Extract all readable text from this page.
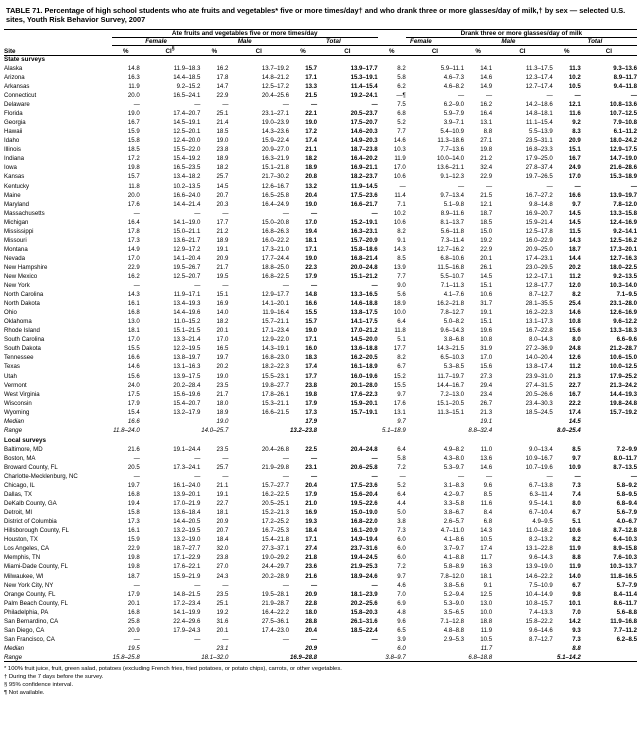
TABLE 71. Percentage of high school students who ate fruits and vegetables* five or more times/day† and who drank three or more glasses/day of milk,† by sex — selected U.S. sites, Youth Risk Behavior Survey, 2007
	Ate fruits and vegetables five or more times/day							Drank three or more glasses/day of milk				
	Female		Male		Total		Female		Male		Total	
Site	%	CI§	%	CI	%	CI	%	CI	%	CI	%	CI
State surveys												
Alaska	14.8	11.9–18.3	16.2	13.7–19.2	15.7	13.9–17.7	8.2	5.9–11.1	14.1	11.3–17.5	11.3	9.3–13.6
Arizona	16.3	14.4–18.5	17.8	14.8–21.2	17.1	15.3–19.1	5.8	4.6–7.3	14.6	12.3–17.4	10.2	8.9–11.7
Arkansas	11.9	9.2–15.2	14.7	12.5–17.2	13.3	11.4–15.4	6.2	4.6–8.2	14.9	12.7–17.4	10.5	9.4–11.8
Connecticut	20.0	16.5–24.1	22.9	20.4–25.6	21.5	19.2–24.1	—¶	—	—	—	—	—
Delaware	—	—	—	—	—	—	7.5	6.2–9.0	16.2	14.2–18.6	12.1	10.8–13.6
Florida	19.0	17.4–20.7	25.1	23.1–27.1	22.1	20.5–23.7	6.8	5.9–7.9	16.4	14.8–18.1	11.6	10.7–12.5
Georgia	16.7	14.5–19.1	21.4	19.0–23.9	19.0	17.5–20.7	5.2	3.9–7.1	13.1	11.1–15.4	9.2	7.9–10.8
Hawaii	15.9	12.5–20.1	18.5	14.3–23.6	17.2	14.6–20.3	7.7	5.4–10.9	8.8	5.5–13.9	8.3	6.1–11.2
Idaho	15.8	12.4–20.0	19.0	15.9–22.4	17.4	14.9–20.3	14.6	11.3–18.6	27.1	23.5–31.1	20.9	18.0–24.2
Illinois	18.5	15.5–22.0	23.8	20.9–27.0	21.1	18.7–23.8	10.3	7.7–13.6	19.8	16.8–23.3	15.1	12.9–17.5
Indiana	17.2	15.4–19.2	18.9	16.3–21.9	18.2	16.4–20.2	11.9	10.0–14.0	21.2	17.9–25.0	16.7	14.7–19.0
Iowa	19.8	16.5–23.5	18.2	15.1–21.8	18.9	16.9–21.1	17.0	13.6–21.1	32.4	27.8–37.4	24.9	21.6–28.6
Kansas	15.7	13.4–18.2	25.7	21.7–30.2	20.8	18.2–23.7	10.6	9.1–12.3	22.9	19.7–26.5	17.0	15.3–18.9
Kentucky	11.8	10.2–13.5	14.5	12.6–16.7	13.2	11.9–14.5	—	—	—	—	—	—
Maine	20.0	16.6–24.0	20.7	16.5–25.8	20.4	17.5–23.6	11.4	9.7–13.4	21.5	16.7–27.2	16.6	13.9–19.7
Maryland	17.6	14.4–21.4	20.3	16.4–24.9	19.0	16.6–21.7	7.1	5.1–9.8	12.1	9.8–14.8	9.7	7.8–12.0
Massachusetts	—	—	—	—	—	—	10.2	8.9–11.6	18.7	16.9–20.7	14.5	13.3–15.8
Michigan	16.4	14.1–19.0	17.7	15.0–20.8	17.0	15.2–19.1	10.6	8.1–13.7	18.5	15.9–21.4	14.5	12.4–16.9
Mississippi	17.8	15.0–21.1	21.2	16.8–26.3	19.4	16.3–23.1	8.2	5.6–11.8	15.0	12.5–17.8	11.5	9.2–14.1
Missouri	17.3	13.6–21.7	18.9	16.0–22.2	18.1	15.7–20.9	9.1	7.3–11.4	19.2	16.0–22.9	14.3	12.5–16.2
Montana	14.9	12.9–17.2	19.1	17.3–21.0	17.1	15.8–18.6	14.3	12.7–16.2	22.9	20.9–25.0	18.7	17.3–20.1
Nevada	17.0	14.1–20.4	20.9	17.7–24.4	19.0	16.8–21.4	8.5	6.8–10.6	20.1	17.4–23.1	14.4	12.7–16.3
New Hampshire	22.9	19.5–26.7	21.7	18.8–25.0	22.3	20.0–24.8	13.9	11.5–16.8	26.1	23.0–29.5	20.2	18.0–22.5
New Mexico	16.2	12.5–20.7	19.5	16.8–22.5	17.9	15.1–21.2	7.7	5.5–10.7	14.5	12.2–17.1	11.2	9.2–13.5
New York	—	—	—	—	—	—	9.0	7.1–11.3	15.1	12.8–17.7	12.0	10.3–14.0
North Carolina	14.3	11.9–17.1	15.1	12.9–17.7	14.8	13.3–16.5	5.6	4.1–7.6	10.6	8.7–12.7	8.2	7.1–9.5
North Dakota	16.1	13.4–19.3	16.9	14.1–20.1	16.6	14.6–18.8	18.9	16.2–21.8	31.7	28.1–35.5	25.4	23.1–28.0
Ohio	16.8	14.4–19.6	14.0	11.9–16.4	15.5	13.8–17.5	10.0	7.8–12.7	19.1	16.2–22.3	14.6	12.6–16.9
Oklahoma	13.0	11.0–15.2	18.2	15.7–21.1	15.7	14.1–17.5	6.4	5.0–8.2	15.1	13.1–17.3	10.8	9.6–12.2
Rhode Island	18.1	15.1–21.5	20.1	17.1–23.4	19.0	17.0–21.2	11.8	9.6–14.3	19.6	16.7–22.8	15.6	13.3–18.3
South Carolina	17.0	13.3–21.4	17.0	12.9–22.0	17.1	14.5–20.0	5.1	3.8–6.8	10.8	8.0–14.3	8.0	6.6–9.6
South Dakota	15.5	12.2–19.5	16.5	14.3–19.1	16.0	13.6–18.8	17.7	14.3–21.5	31.9	27.2–36.9	24.8	21.2–28.7
Tennessee	16.6	13.8–19.7	19.7	16.8–23.0	18.3	16.2–20.5	8.2	6.5–10.3	17.0	14.0–20.4	12.6	10.6–15.0
Texas	14.6	13.1–16.3	20.2	18.2–22.3	17.4	16.1–18.9	6.7	5.3–8.5	15.6	13.8–17.4	11.2	10.0–12.5
Utah	15.6	13.9–17.5	19.0	15.5–23.1	17.7	16.0–19.6	15.2	11.7–19.7	27.3	23.9–31.0	21.3	17.9–25.2
Vermont	24.0	20.2–28.4	23.5	19.8–27.7	23.8	20.1–28.0	15.5	14.4–16.7	29.4	27.4–31.5	22.7	21.3–24.2
West Virginia	17.5	15.6–19.6	21.7	17.8–26.1	19.8	17.6–22.3	9.7	7.2–13.0	23.4	20.5–26.6	16.7	14.4–19.3
Wisconsin	17.9	15.4–20.7	18.0	15.3–21.1	17.9	15.9–20.1	17.6	15.1–20.5	26.7	23.4–30.3	22.2	19.8–24.8
Wyoming	15.4	13.2–17.9	18.9	16.6–21.5	17.3	15.7–19.1	13.1	11.3–15.1	21.3	18.5–24.5	17.4	15.7–19.2
Median	16.6		19.0		17.9		9.7		19.1		14.5	
Range	11.8–24.0		14.0–25.7		13.2–23.8		5.1–18.9		8.8–32.4		8.0–25.4	

Local surveys												
Baltimore, MD	21.6	19.1–24.4	23.5	20.4–26.8	22.5	20.4–24.8	6.4	4.9–8.2	11.0	9.0–13.4	8.5	7.2–9.9
Boston, MA	—	—	—	—	—	—	5.8	4.3–8.0	13.6	10.9–16.7	9.7	8.0–11.7
Broward County, FL	20.5	17.3–24.1	25.7	21.9–29.8	23.1	20.6–25.8	7.2	5.3–9.7	14.6	10.7–19.6	10.9	8.7–13.5
Charlotte-Mecklenburg, NC	—	—	—	—	—	—	—	—	—	—	—	—
Chicago, IL	19.7	16.1–24.0	21.1	15.7–27.7	20.4	17.5–23.6	5.2	3.1–8.3	9.6	6.7–13.8	7.3	5.8–9.2
Dallas, TX	16.8	13.9–20.1	19.1	16.2–22.5	17.9	15.6–20.4	6.4	4.2–9.7	8.5	6.3–11.4	7.4	5.8–9.5
DeKalb County, GA	19.4	17.0–21.9	22.7	20.5–25.1	21.0	19.5–22.6	4.4	3.3–5.8	11.6	9.5–14.1	8.0	6.8–9.4
Detroit, MI	15.8	13.6–18.4	18.1	15.2–21.3	16.9	15.0–19.0	5.0	3.8–6.7	8.4	6.7–10.4	6.7	5.6–7.9
District of Columbia	17.3	14.4–20.5	20.9	17.2–25.2	19.3	16.8–22.0	3.8	2.6–5.7	6.8	4.9–9.5	5.1	4.0–6.7
Hillsborough County, FL	16.1	13.2–19.5	20.7	16.7–25.3	18.4	16.1–20.9	7.3	4.7–11.0	14.3	11.0–18.2	10.6	8.7–12.8
Houston, TX	15.9	13.2–19.0	18.4	15.4–21.8	17.1	14.9–19.4	6.0	4.1–8.6	10.5	8.2–13.2	8.2	6.4–10.3
Los Angeles, CA	22.9	18.7–27.7	32.0	27.3–37.1	27.4	23.7–31.6	6.0	3.7–9.7	17.4	13.1–22.8	11.9	8.9–15.8
Memphis, TN	19.8	17.1–22.9	23.8	19.0–29.2	21.8	19.4–24.5	6.0	4.1–8.8	11.7	9.6–14.3	8.8	7.6–10.3
Miami-Dade County, FL	19.8	17.6–22.1	27.0	24.4–29.7	23.6	21.9–25.3	7.2	5.8–8.9	16.3	13.9–19.0	11.9	10.3–13.7
Milwaukee, WI	18.7	15.9–21.9	24.3	20.2–28.9	21.6	18.9–24.6	9.7	7.8–12.0	18.1	14.6–22.2	14.0	11.8–16.5
New York City, NY	—	—	—	—	—	—	4.6	3.8–5.6	9.1	7.5–10.9	6.7	5.7–7.9
Orange County, FL	17.9	14.8–21.5	23.5	19.5–28.1	20.9	18.1–23.9	7.0	5.2–9.4	12.5	10.4–14.9	9.8	8.4–11.4
Palm Beach County, FL	20.1	17.2–23.4	25.1	21.9–28.7	22.8	20.2–25.6	6.9	5.3–9.0	13.0	10.8–15.7	10.1	8.6–11.7
Philadelphia, PA	16.8	14.1–19.9	19.2	16.4–22.2	18.0	15.8–20.3	4.8	3.5–6.5	10.0	7.4–13.3	7.0	5.6–8.8
San Bernardino, CA	25.8	22.4–29.6	31.6	27.5–36.1	28.8	26.1–31.6	9.6	7.1–12.8	18.8	15.8–22.2	14.2	11.9–16.8
San Diego, CA	20.9	17.9–24.3	20.1	17.4–23.0	20.4	18.5–22.4	6.5	4.8–8.8	11.9	9.6–14.6	9.3	7.7–11.2
San Francisco, CA	—	—	—	—	—	—	3.9	2.9–5.3	10.5	8.7–12.7	7.3	6.2–8.5
Median	19.5		23.1		20.9		6.0		11.7		8.8	
Range	15.8–25.8		18.1–32.0		16.9–28.8		3.8–9.7		6.8–18.8		5.1–14.2	
* 100% fruit juice, fruit, green salad, potatoes (excluding French fries, fried potatoes, or potato chips), carrots, or other vegetables.
† During the 7 days before the survey.
§ 95% confidence interval.
¶ Not available.
